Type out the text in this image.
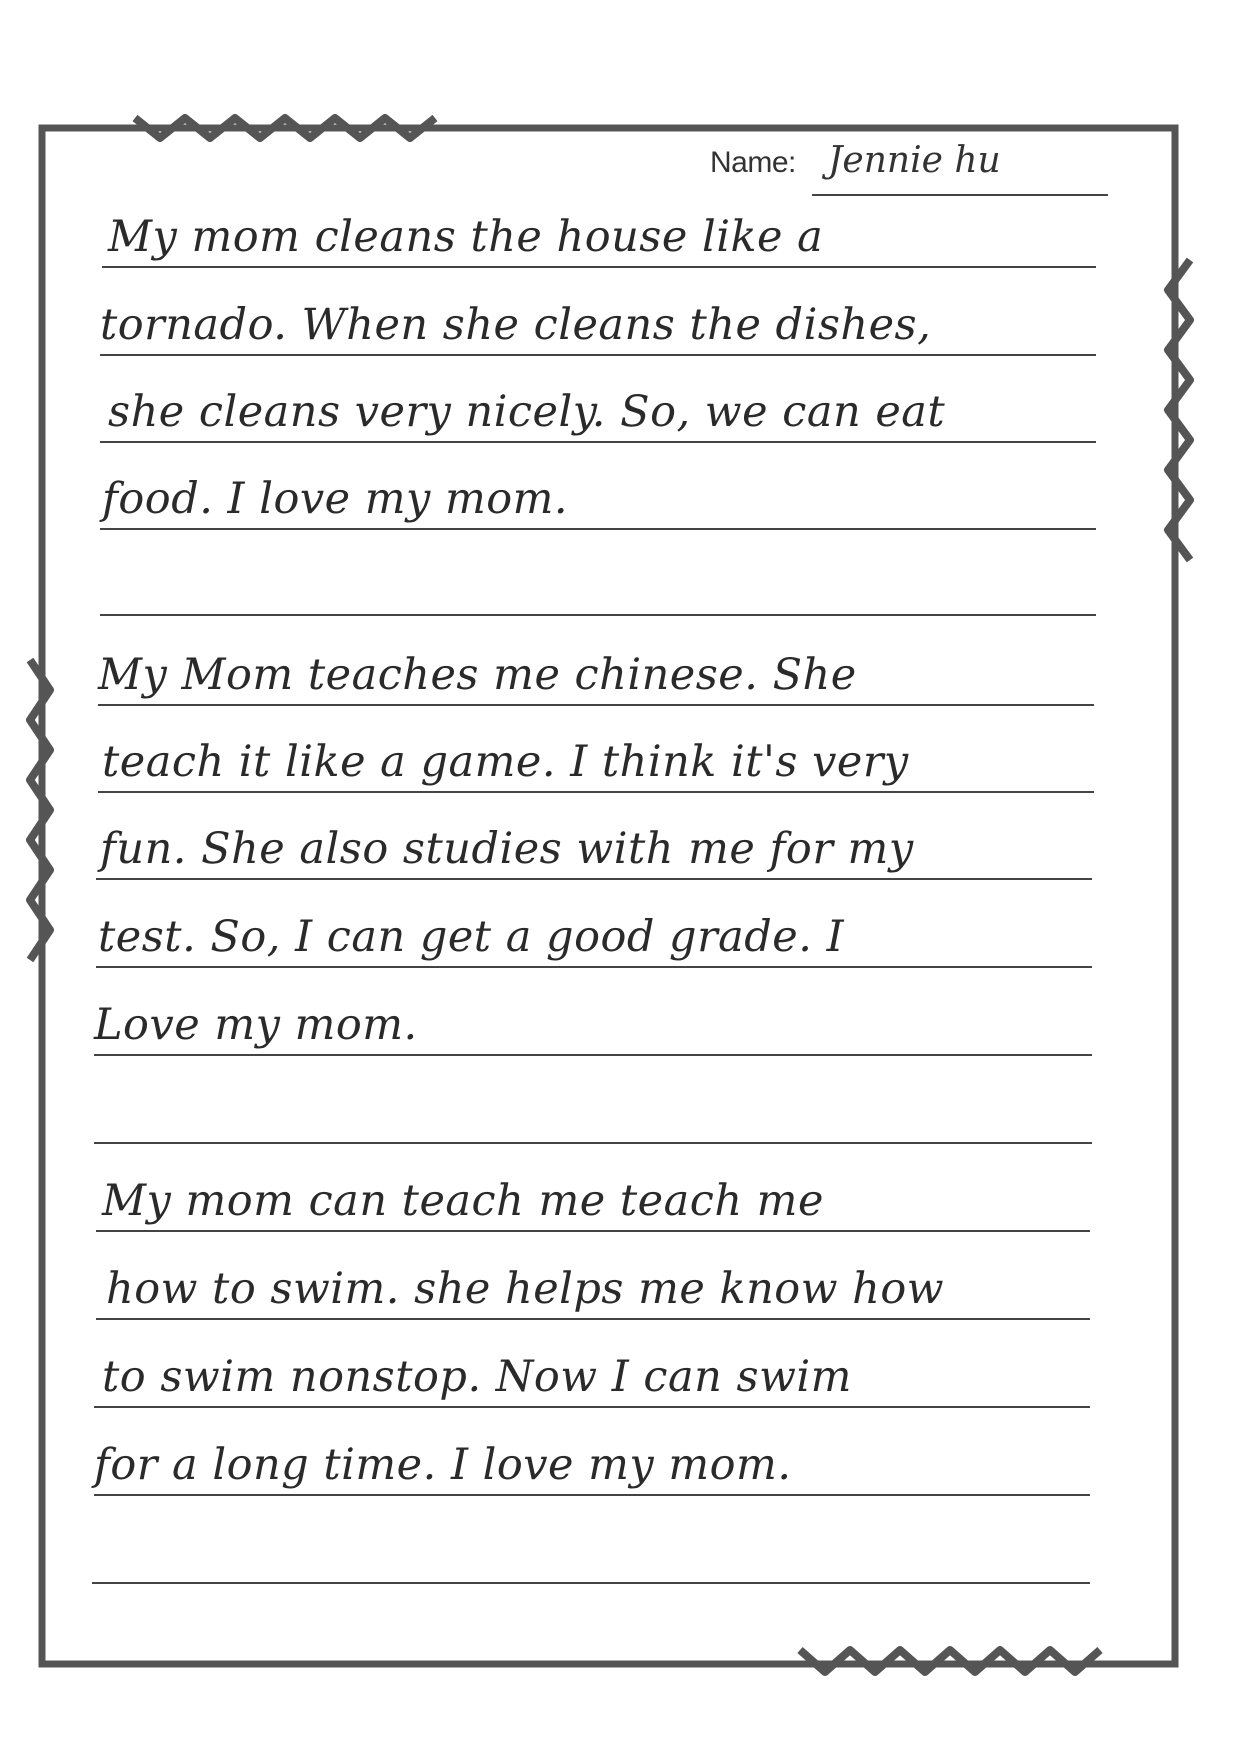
Name: Jennie hu
My mom cleans the house like a
tornado. When she cleans the dishes,
she cleans very nicely. So, we can eat
food. I love my mom.
My Mom teaches me chinese. She
teach it like a game. I think it's very
fun. She also studies with me for my
test. So, I can get a good grade. I
Love my mom.
My mom can teach me teach me
how to swim. she helps me know how
to swim nonstop. Now I can swim
for a long time. I love my mom.
